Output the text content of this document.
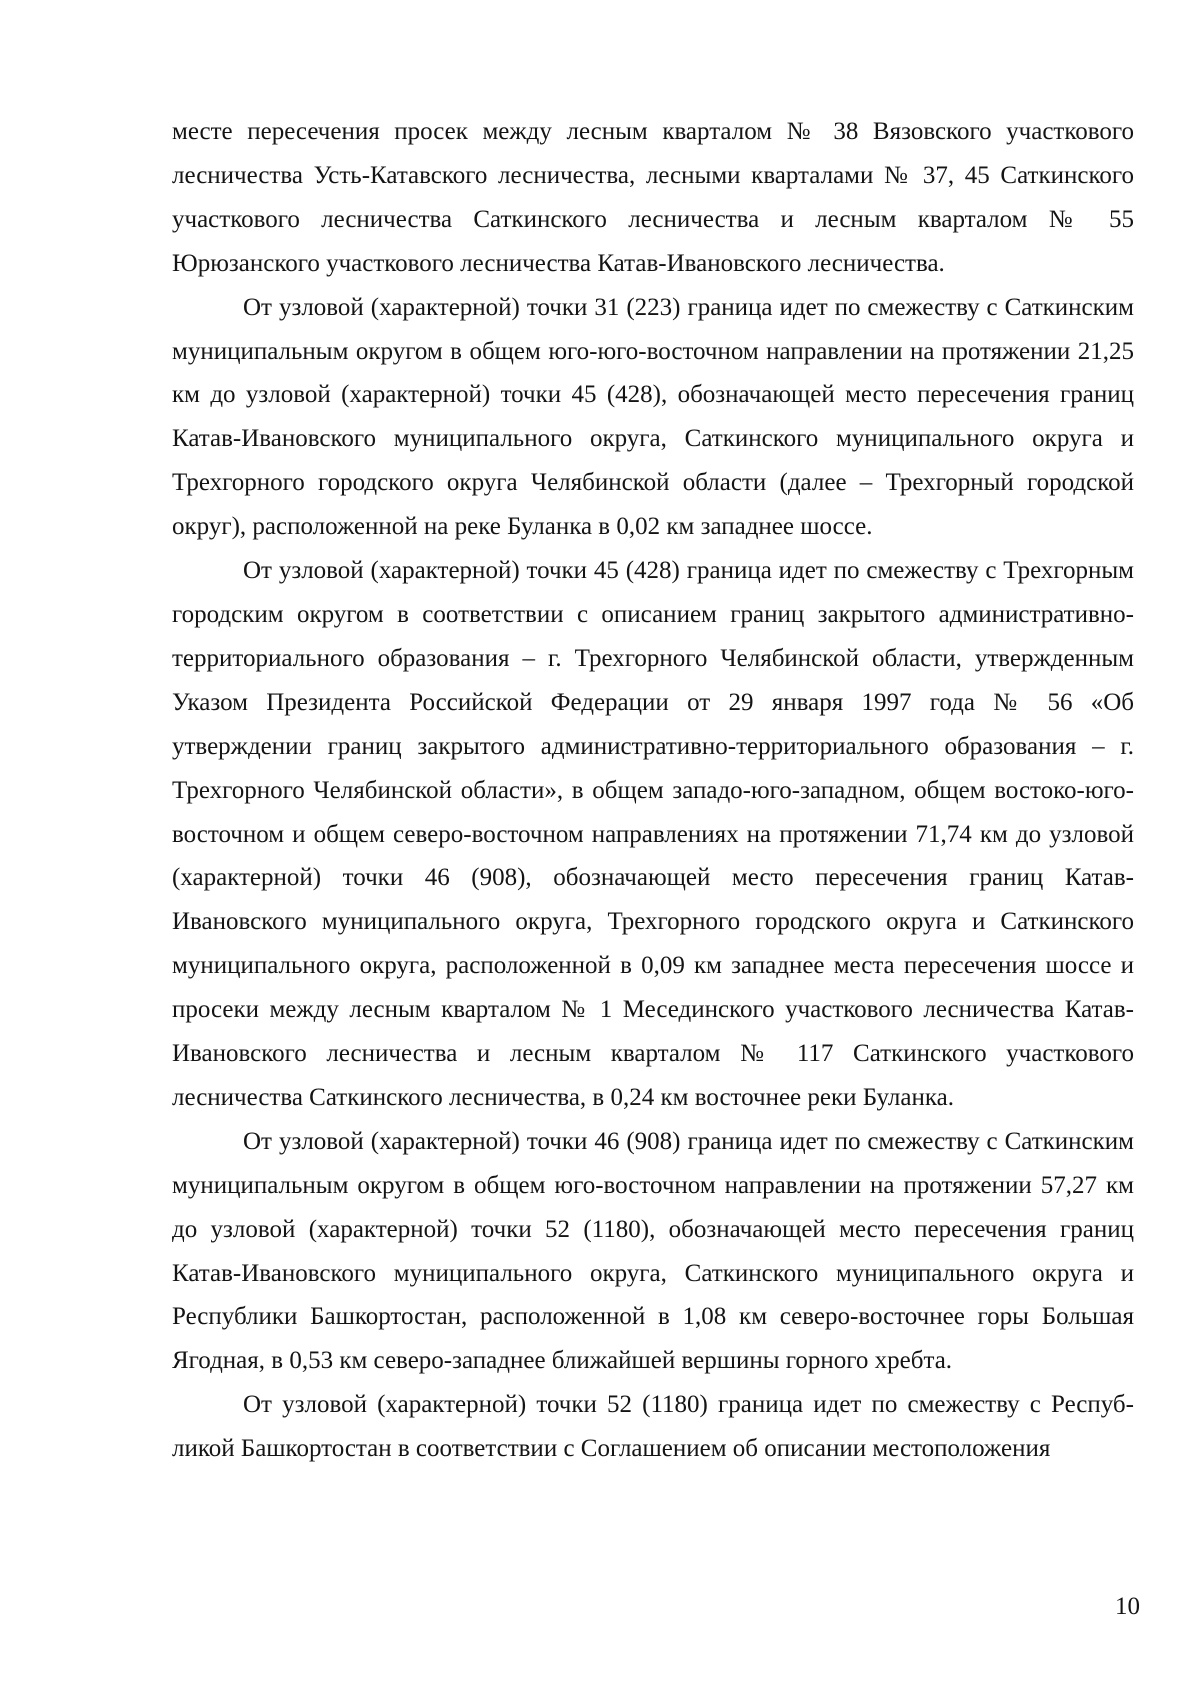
месте пересечения просек между лесным кварталом № 38 Вязовского участкового лесничества Усть-Катавского лесничества, лесными кварталами № 37, 45 Саткинского участкового лесничества Саткинского лесничества и лесным кварталом № 55 Юрюзанского участкового лесничества Катав-Ивановского лесничества.

От узловой (характерной) точки 31 (223) граница идет по смежеству с Саткинским муниципальным округом в общем юго-юго-восточном направлении на протяжении 21,25 км до узловой (характерной) точки 45 (428), обозначающей место пересечения границ Катав-Ивановского муниципального округа, Саткинского муниципального округа и Трехгорного городского округа Челябинской области (далее – Трехгорный городской округ), расположенной на реке Буланка в 0,02 км западнее шоссе.

От узловой (характерной) точки 45 (428) граница идет по смежеству с Трехгорным городским округом в соответствии с описанием границ закрытого административно-территориального образования – г. Трехгорного Челябинской области, утвержденным Указом Президента Российской Федерации от 29 января 1997 года № 56 «Об утверждении границ закрытого административно-территориального образования – г. Трехгорного Челябинской области», в общем западо-юго-западном, общем востоко-юго-восточном и общем северо-восточном направлениях на протяжении 71,74 км до узловой (характерной) точки 46 (908), обозначающей место пересечения границ Катав-Ивановского муниципального округа, Трехгорного городского округа и Саткинского муниципального округа, расположенной в 0,09 км западнее места пересечения шоссе и просеки между лесным кварталом № 1 Месединского участкового лесничества Катав-Ивановского лесничества и лесным кварталом № 117 Саткинского участкового лесничества Саткинского лесничества, в 0,24 км восточнее реки Буланка.

От узловой (характерной) точки 46 (908) граница идет по смежеству с Саткинским муниципальным округом в общем юго-восточном направлении на протяжении 57,27 км до узловой (характерной) точки 52 (1180), обозначающей место пересечения границ Катав-Ивановского муниципального округа, Саткинского муниципального округа и Республики Башкортостан, расположенной в 1,08 км северо-восточнее горы Большая Ягодная, в 0,53 км северо-западнее ближайшей вершины горного хребта.

От узловой (характерной) точки 52 (1180) граница идет по смежеству с Республикой Башкортостан в соответствии с Соглашением об описании местоположения

10
